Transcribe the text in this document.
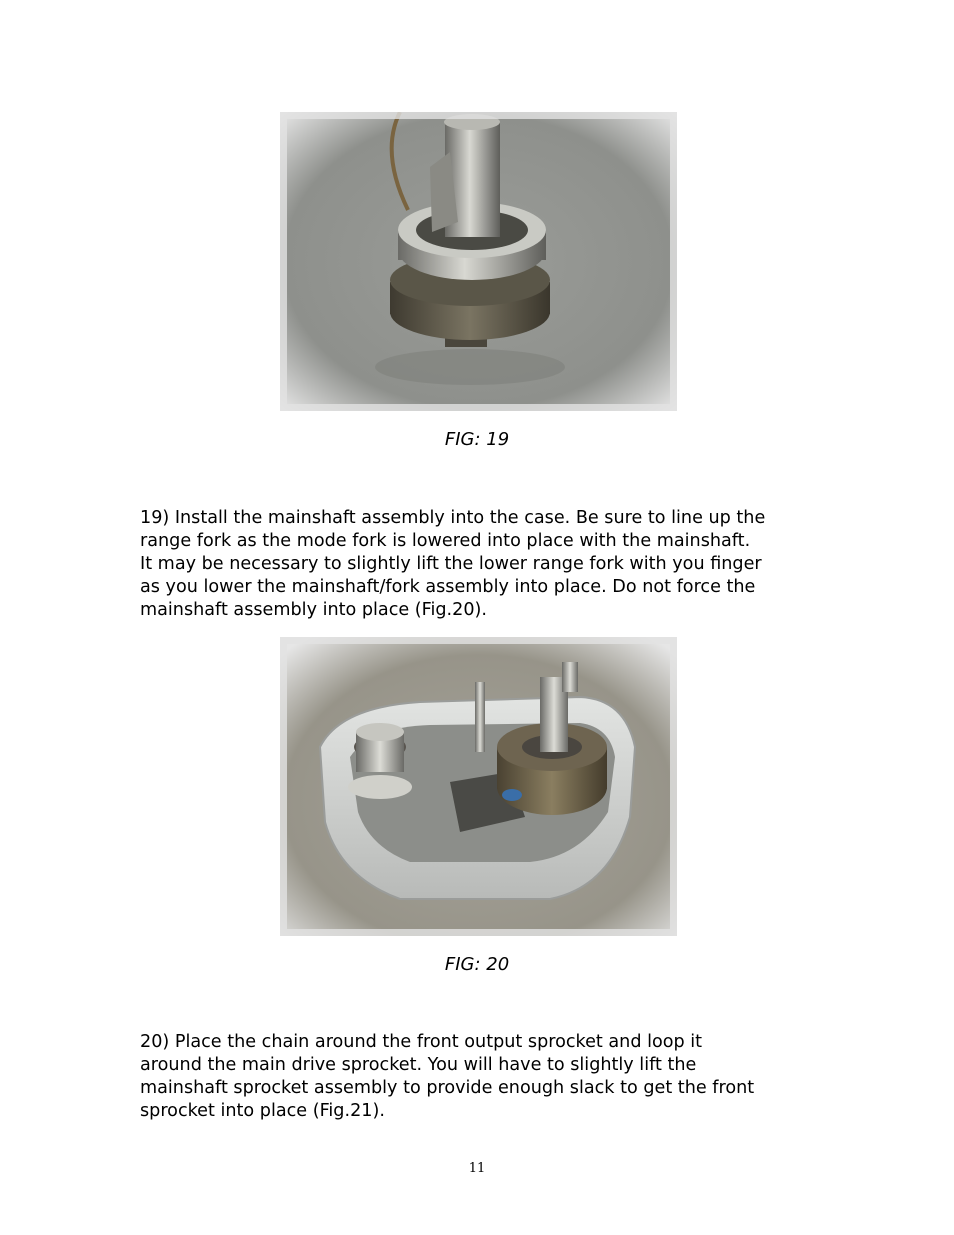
FIG: 19
19) Install the mainshaft assembly into the case. Be sure to line up the
range fork as the mode fork is lowered into place with the mainshaft.
It may be necessary to slightly lift the lower range fork with you finger
as you lower the mainshaft/fork assembly into place. Do not force the
mainshaft assembly into place (Fig.20).
FIG: 20
20) Place the chain around the front output sprocket and loop it
around the main drive sprocket. You will have to slightly lift the
mainshaft sprocket assembly to provide enough slack to get the front
sprocket into place (Fig.21).
11
